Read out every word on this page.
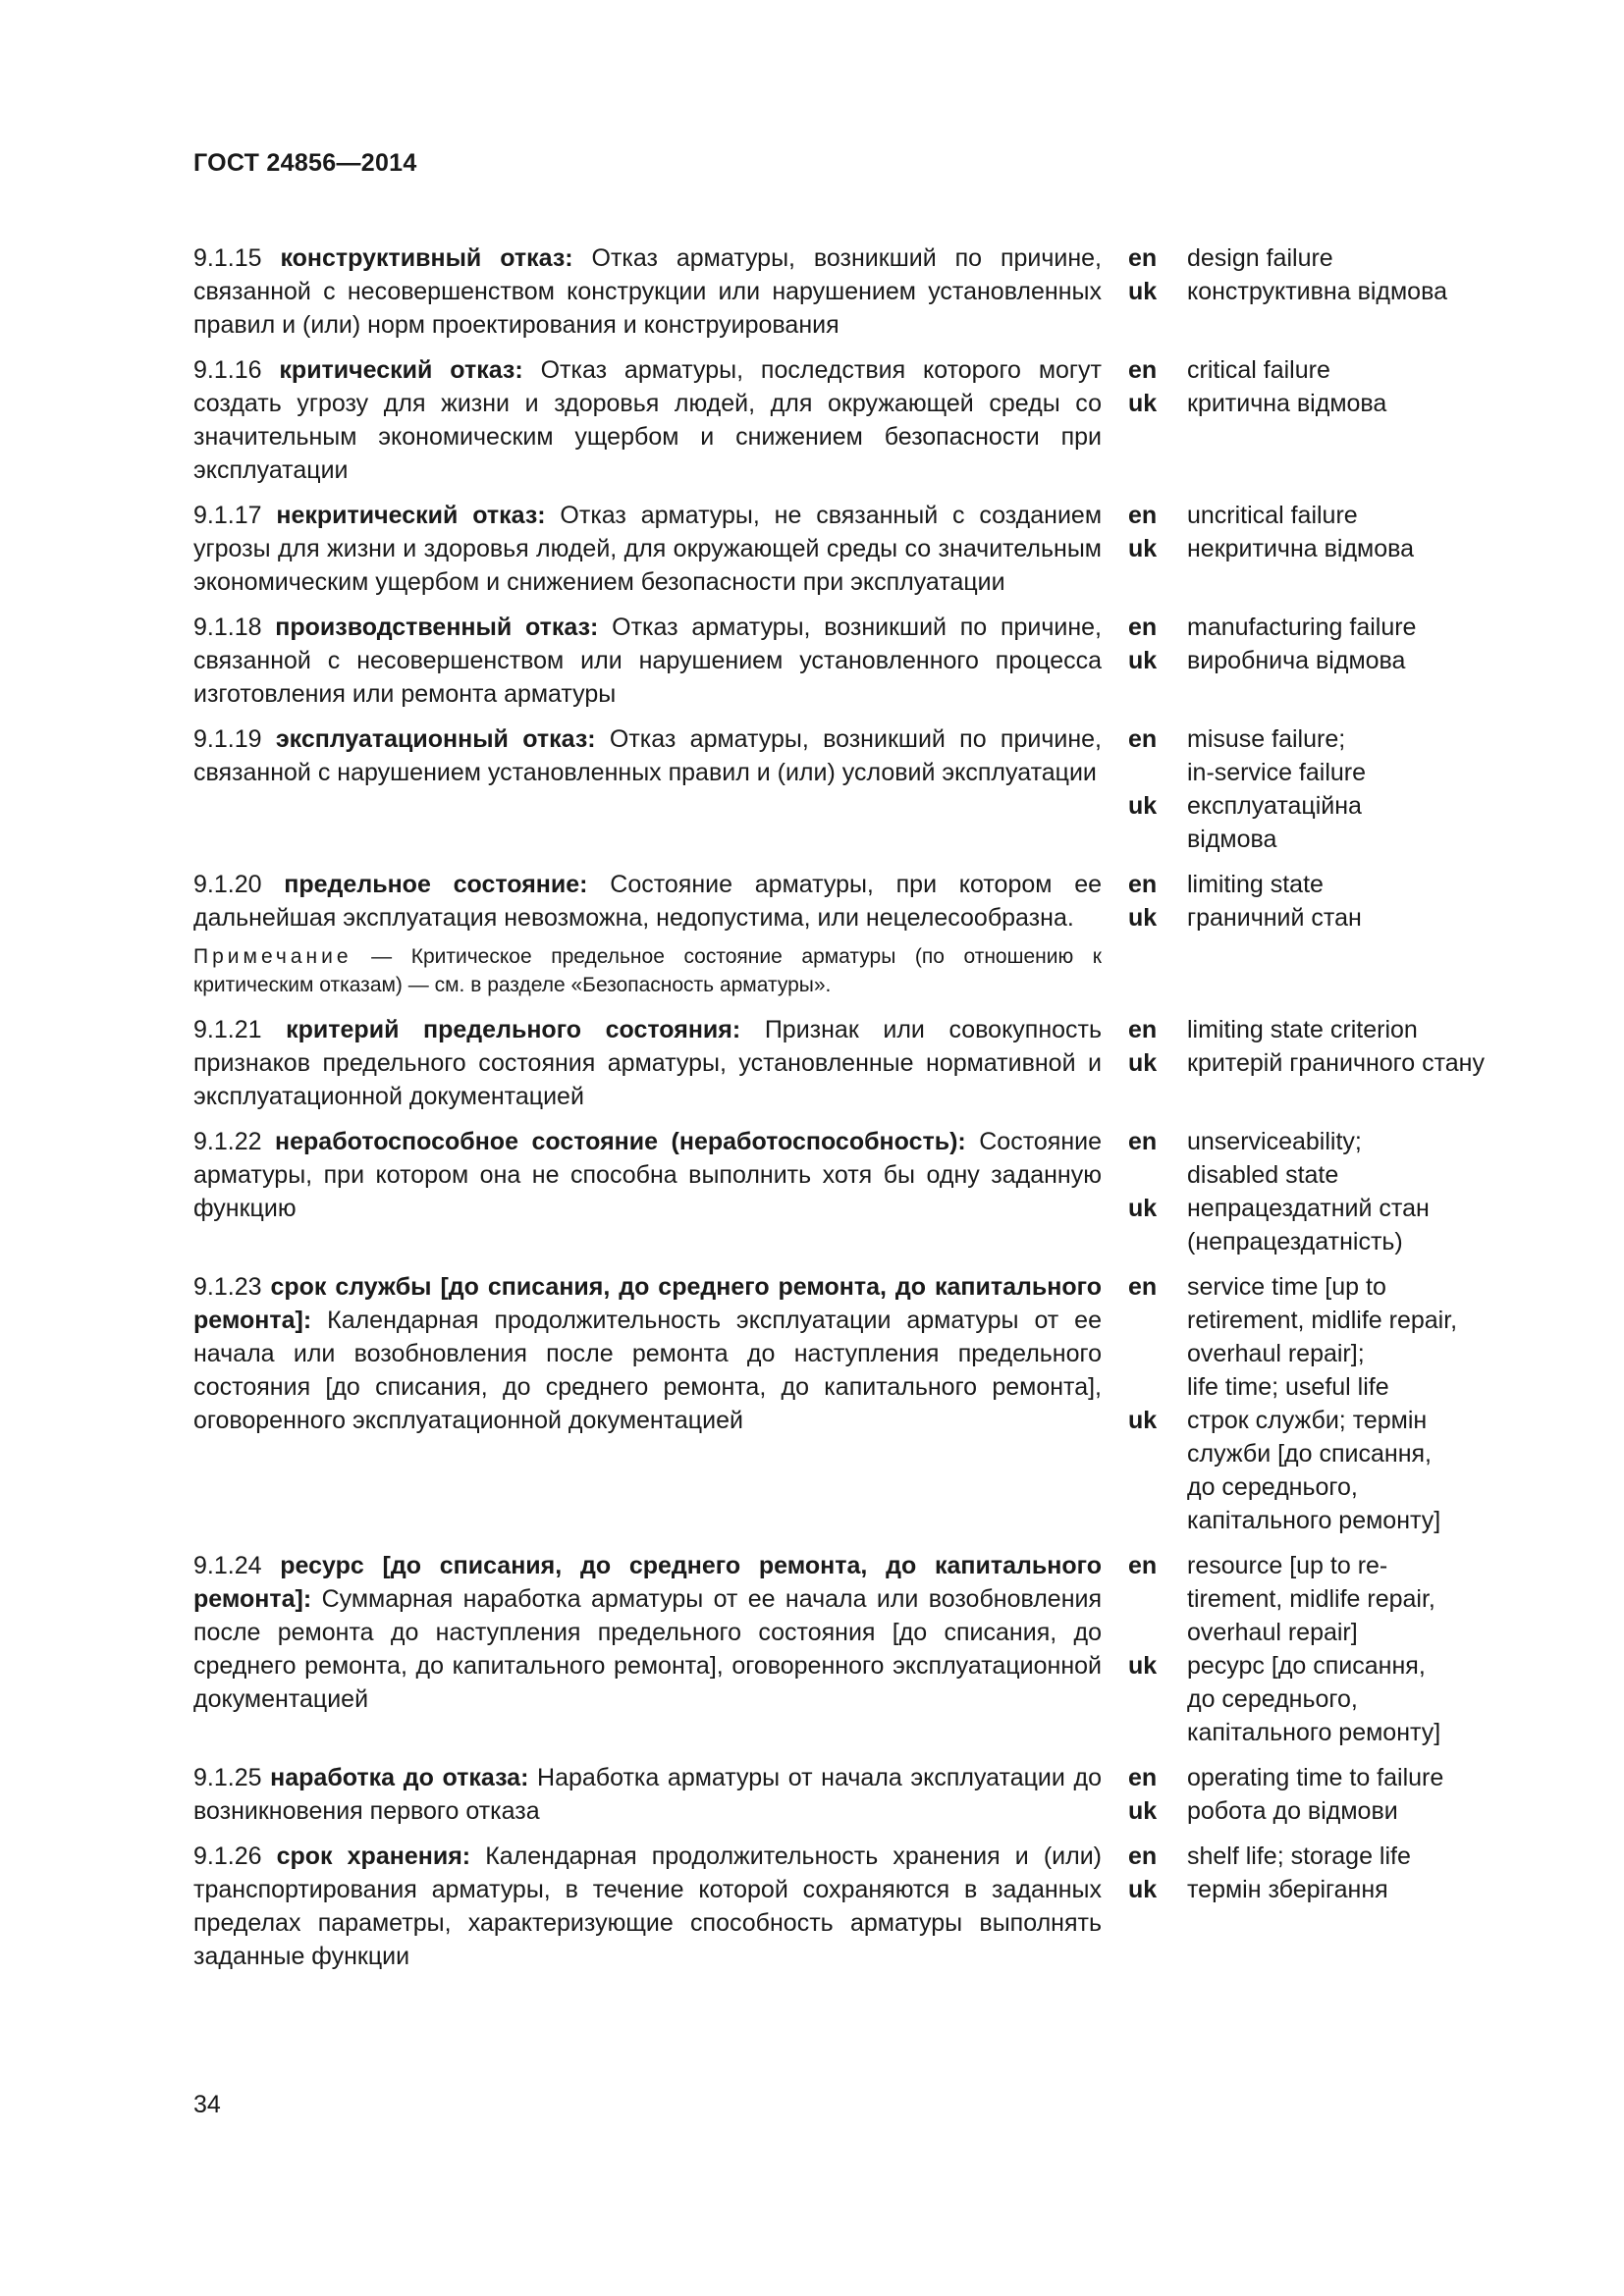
ГОСТ 24856—2014
9.1.15 конструктивный отказ: Отказ арматуры, возникший по причине, связанной с несовершенством конструкции или нарушением установленных правил и (или) норм проектирования и конструирования
en	design failure
uk	конструктивна відмова
9.1.16 критический отказ: Отказ арматуры, последствия которого могут создать угрозу для жизни и здоровья людей, для окружающей среды со значительным экономическим ущербом и снижением безопасности при эксплуатации
en	critical failure
uk	критична відмова
9.1.17 некритический отказ: Отказ арматуры, не связанный с созданием угрозы для жизни и здоровья людей, для окружающей среды со значительным экономическим ущербом и снижением безопасности при эксплуатации
en	uncritical failure
uk	некритична відмова
9.1.18 производственный отказ: Отказ арматуры, возникший по причине, связанной с несовершенством или нарушением установленного процесса изготовления или ремонта арматуры
en	manufacturing failure
uk	виробнича відмова
9.1.19 эксплуатационный отказ: Отказ арматуры, возникший по причине, связанной с нарушением установленных правил и (или) условий эксплуатации
en	misuse failure;
in-service failure
uk	експлуатаційна
відмова
9.1.20 предельное состояние: Состояние арматуры, при котором ее дальнейшая эксплуатация невозможна, недопустима, или нецелесообразна.
en	limiting state
uk	граничний стан
Примечание — Критическое предельное состояние арматуры (по отношению к критическим отказам) — см. в разделе «Безопасность арматуры».
9.1.21 критерий предельного состояния: Признак или совокупность признаков предельного состояния арматуры, установленные нормативной и эксплуатационной документацией
en	limiting state criterion
uk	критерій граничного стану
9.1.22 неработоспособное состояние (неработоспособность): Состояние арматуры, при котором она не способна выполнить хотя бы одну заданную функцию
en	unserviceability;
disabled state
uk	непрацездатний стан
(непрацездатність)
9.1.23 срок службы [до списания, до среднего ремонта, до капитального ремонта]: Календарная продолжительность эксплуатации арматуры от ее начала или возобновления после ремонта до наступления предельного состояния [до списания, до среднего ремонта, до капитального ремонта], оговоренного эксплуатационной документацией
en	service time [up to
retirement, midlife repair,
overhaul repair];
life time; useful life
uk	строк служби; термін
служби [до списання,
до середнього,
капітального ремонту]
9.1.24 ресурс [до списания, до среднего ремонта, до капитального ремонта]: Суммарная наработка арматуры от ее начала или возобновления после ремонта до наступления предельного состояния [до списания, до среднего ремонта, до капитального ремонта], оговоренного эксплуатационной документацией
en	resource [up to re-
tirement, midlife repair,
overhaul repair]
uk	ресурс [до списання,
до середнього,
капітального ремонту]
9.1.25 наработка до отказа: Наработка арматуры от начала эксплуатации до возникновения первого отказа
en	operating time to failure
uk	робота до відмови
9.1.26 срок хранения: Календарная продолжительность хранения и (или) транспортирования арматуры, в течение которой сохраняются в заданных пределах параметры, характеризующие способность арматуры выполнять заданные функции
en	shelf life; storage life
uk	термін зберігання
34
